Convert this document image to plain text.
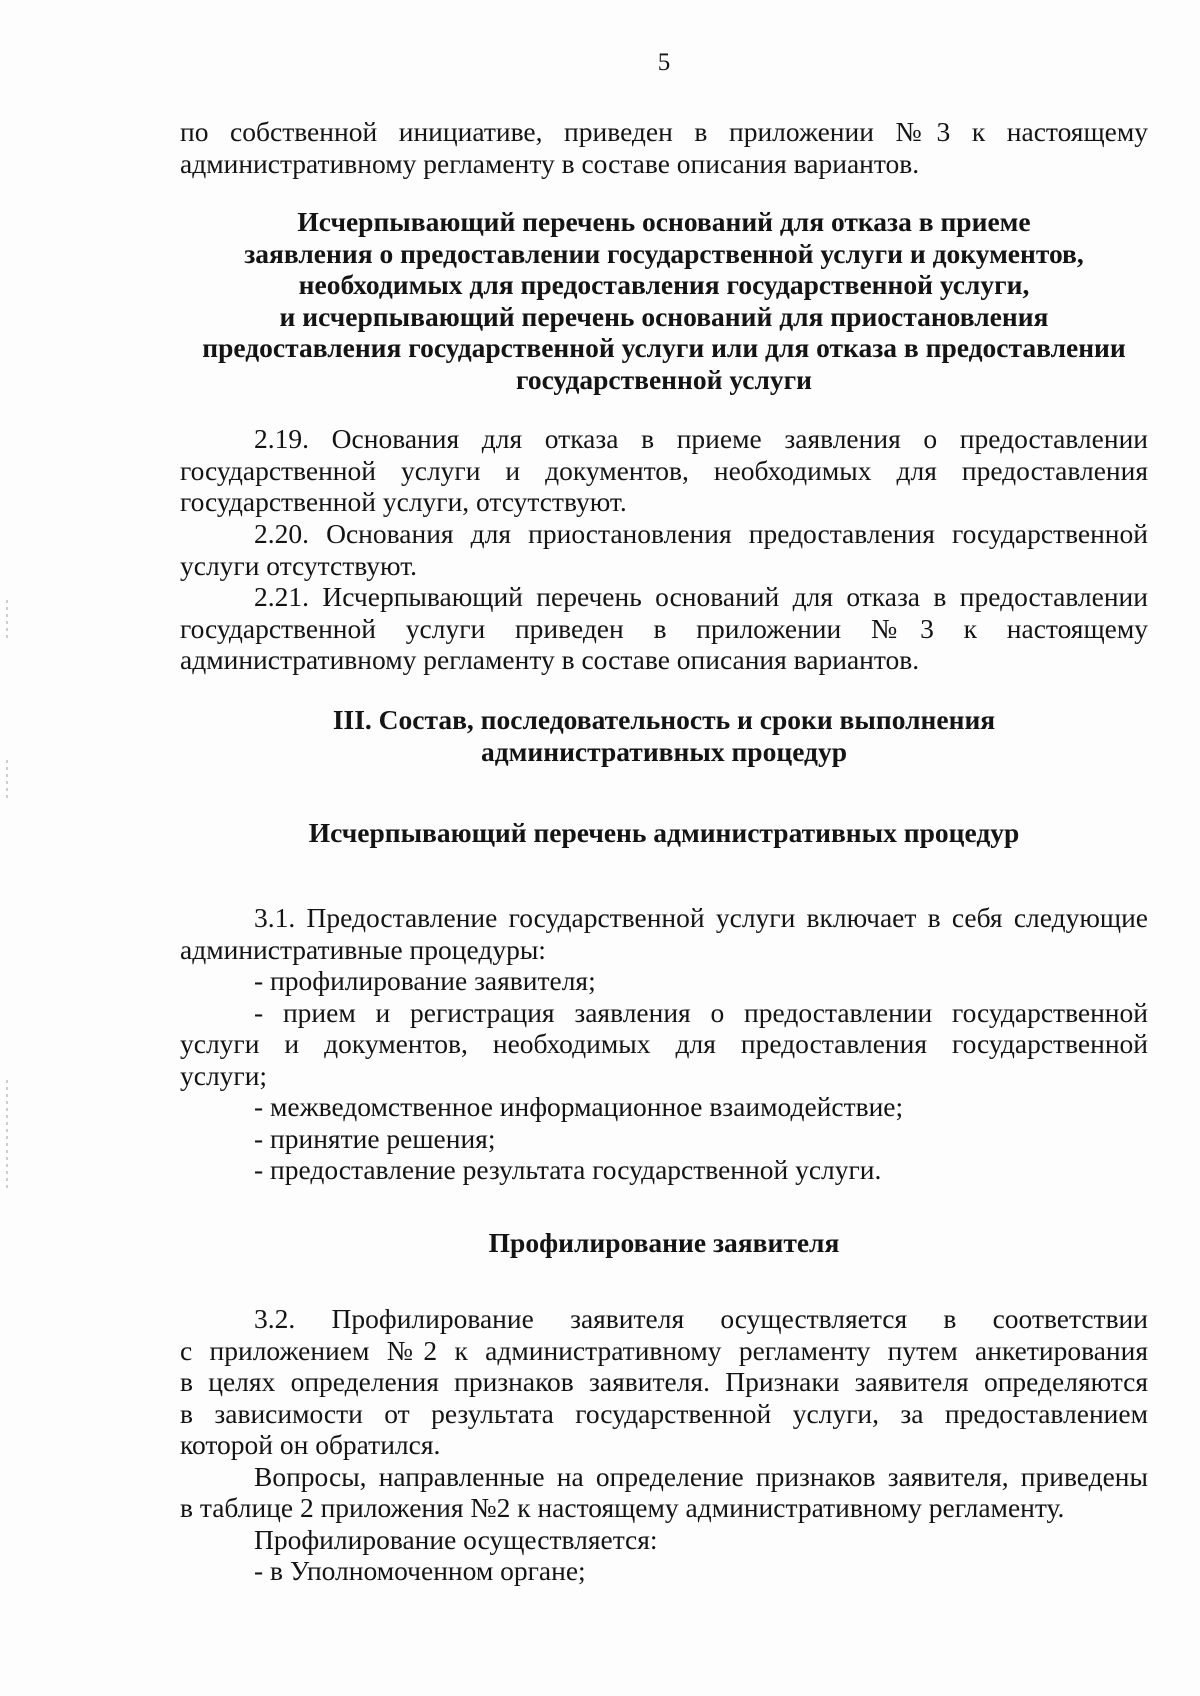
5
по собственной инициативе, приведен в приложении №3 к настоящему
административному регламенту в составе описания вариантов.
Исчерпывающий перечень оснований для отказа в приеме
заявления о предоставлении государственной услуги и документов,
необходимых для предоставления государственной услуги,
и исчерпывающий перечень оснований для приостановления
предоставления государственной услуги или для отказа в предоставлении
государственной услуги
2.19. Основания для отказа в приеме заявления о предоставлении
государственной услуги и документов, необходимых для предоставления
государственной услуги, отсутствуют.
2.20. Основания для приостановления предоставления государственной
услуги отсутствуют.
2.21. Исчерпывающий перечень оснований для отказа в предоставлении
государственной услуги приведен в приложении №3 к настоящему
административному регламенту в составе описания вариантов.
III. Состав, последовательность и сроки выполнения
административных процедур
Исчерпывающий перечень административных процедур
3.1. Предоставление государственной услуги включает в себя следующие
административные процедуры:
- профилирование заявителя;
- прием и регистрация заявления о предоставлении государственной
услуги и документов, необходимых для предоставления государственной
услуги;
- межведомственное информационное взаимодействие;
- принятие решения;
- предоставление результата государственной услуги.
Профилирование заявителя
3.2. Профилирование заявителя осуществляется в соответствии
с приложением №2 к административному регламенту путем анкетирования
в целях определения признаков заявителя. Признаки заявителя определяются
в зависимости от результата государственной услуги, за предоставлением
которой он обратился.
Вопросы, направленные на определение признаков заявителя, приведены
в таблице 2 приложения №2 к настоящему административному регламенту.
Профилирование осуществляется:
- в Уполномоченном органе;
